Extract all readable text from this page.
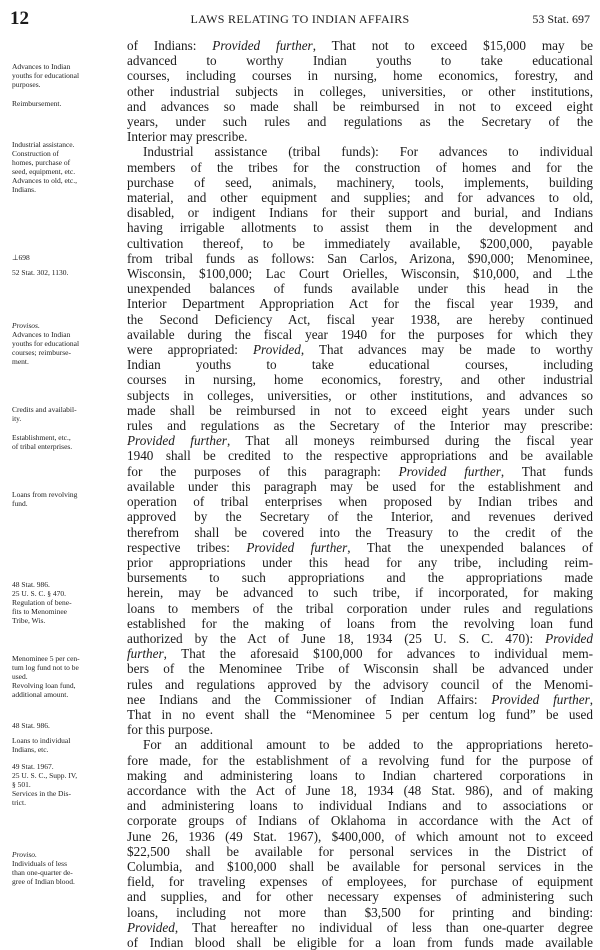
12	LAWS RELATING TO INDIAN AFFAIRS	53 Stat. 697
Advances to Indian
youths for educational
purposes.
Reimbursement.
Industrial assistance.
Construction of
homes, purchase of
seed, equipment, etc.
Advances to old, etc.,
Indians.
⊥698
52 Stat. 302, 1130.
Provisos.
Advances to Indian
youths for educational
courses; reimburse-
ment.
Credits and availabil-
ity.
Establishment, etc.,
of tribal enterprises.
Loans from revolving
fund.
48 Stat. 986.
25 U. S. C. § 470.
Regulation of bene-
fits to Menominee
Tribe, Wis.
Menominee 5 per cen-
tum log fund not to be
used.
Revolving loan fund,
additional amount.
48 Stat. 986.
Loans to individual
Indians, etc.
49 Stat. 1967.
25 U. S. C., Supp. IV,
§ 501.
Services in the Dis-
trict.
Proviso.
Individuals of less
than one-quarter de-
gree of Indian blood.
of Indians: Provided further, That not to exceed $15,000 may be
advanced to worthy Indian youths to take educational
courses, including courses in nursing, home economics, forestry, and
other industrial subjects in colleges, universities, or other institutions,
and advances so made shall be reimbursed in not to exceed eight
years, under such rules and regulations as the Secretary of the
Interior may prescribe.
Industrial assistance (tribal funds): For advances to individual
members of the tribes for the construction of homes and for the
purchase of seed, animals, machinery, tools, implements, building
material, and other equipment and supplies; and for advances to old,
disabled, or indigent Indians for their support and burial, and Indians
having irrigable allotments to assist them in the development and
cultivation thereof, to be immediately available, $200,000, payable
from tribal funds as follows: San Carlos, Arizona, $90,000; Menominee,
Wisconsin, $100,000; Lac Court Orielles, Wisconsin, $10,000, and ⊥the
unexpended balances of funds available under this head in the
Interior Department Appropriation Act for the fiscal year 1939, and
the Second Deficiency Act, fiscal year 1938, are hereby continued
available during the fiscal year 1940 for the purposes for which they
were appropriated: Provided, That advances may be made to worthy
Indian youths to take educational courses, including
courses in nursing, home economics, forestry, and other industrial
subjects in colleges, universities, or other institutions, and advances so
made shall be reimbursed in not to exceed eight years under such
rules and regulations as the Secretary of the Interior may prescribe:
Provided further, That all moneys reimbursed during the fiscal year
1940 shall be credited to the respective appropriations and be available
for the purposes of this paragraph: Provided further, That funds
available under this paragraph may be used for the establishment and
operation of tribal enterprises when proposed by Indian tribes and
approved by the Secretary of the Interior, and revenues derived
therefrom shall be covered into the Treasury to the credit of the
respective tribes: Provided further, That the unexpended balances of
prior appropriations under this head for any tribe, including reim-
bursements to such appropriations and the appropriations made
herein, may be advanced to such tribe, if incorporated, for making
loans to members of the tribal corporation under rules and regulations
established for the making of loans from the revolving loan fund
authorized by the Act of June 18, 1934 (25 U. S. C. 470): Provided
further, That the aforesaid $100,000 for advances to individual mem-
bers of the Menominee Tribe of Wisconsin shall be advanced under
rules and regulations approved by the advisory council of the Menomi-
nee Indians and the Commissioner of Indian Affairs: Provided further,
That in no event shall the “Menominee 5 per centum log fund” be used
for this purpose.
For an additional amount to be added to the appropriations hereto-
fore made, for the establishment of a revolving fund for the purpose of
making and administering loans to Indian chartered corporations in
accordance with the Act of June 18, 1934 (48 Stat. 986), and of making
and administering loans to individual Indians and to associations or
corporate groups of Indians of Oklahoma in accordance with the Act of
June 26, 1936 (49 Stat. 1967), $400,000, of which amount not to exceed
$22,500 shall be available for personal services in the District of
Columbia, and $100,000 shall be available for personal services in the
field, for traveling expenses of employees, for purchase of equipment
and supplies, and for other necessary expenses of administering such
loans, including not more than $3,500 for printing and binding:
Provided, That hereafter no individual of less than one-quarter degree
of Indian blood shall be eligible for a loan from funds made available
